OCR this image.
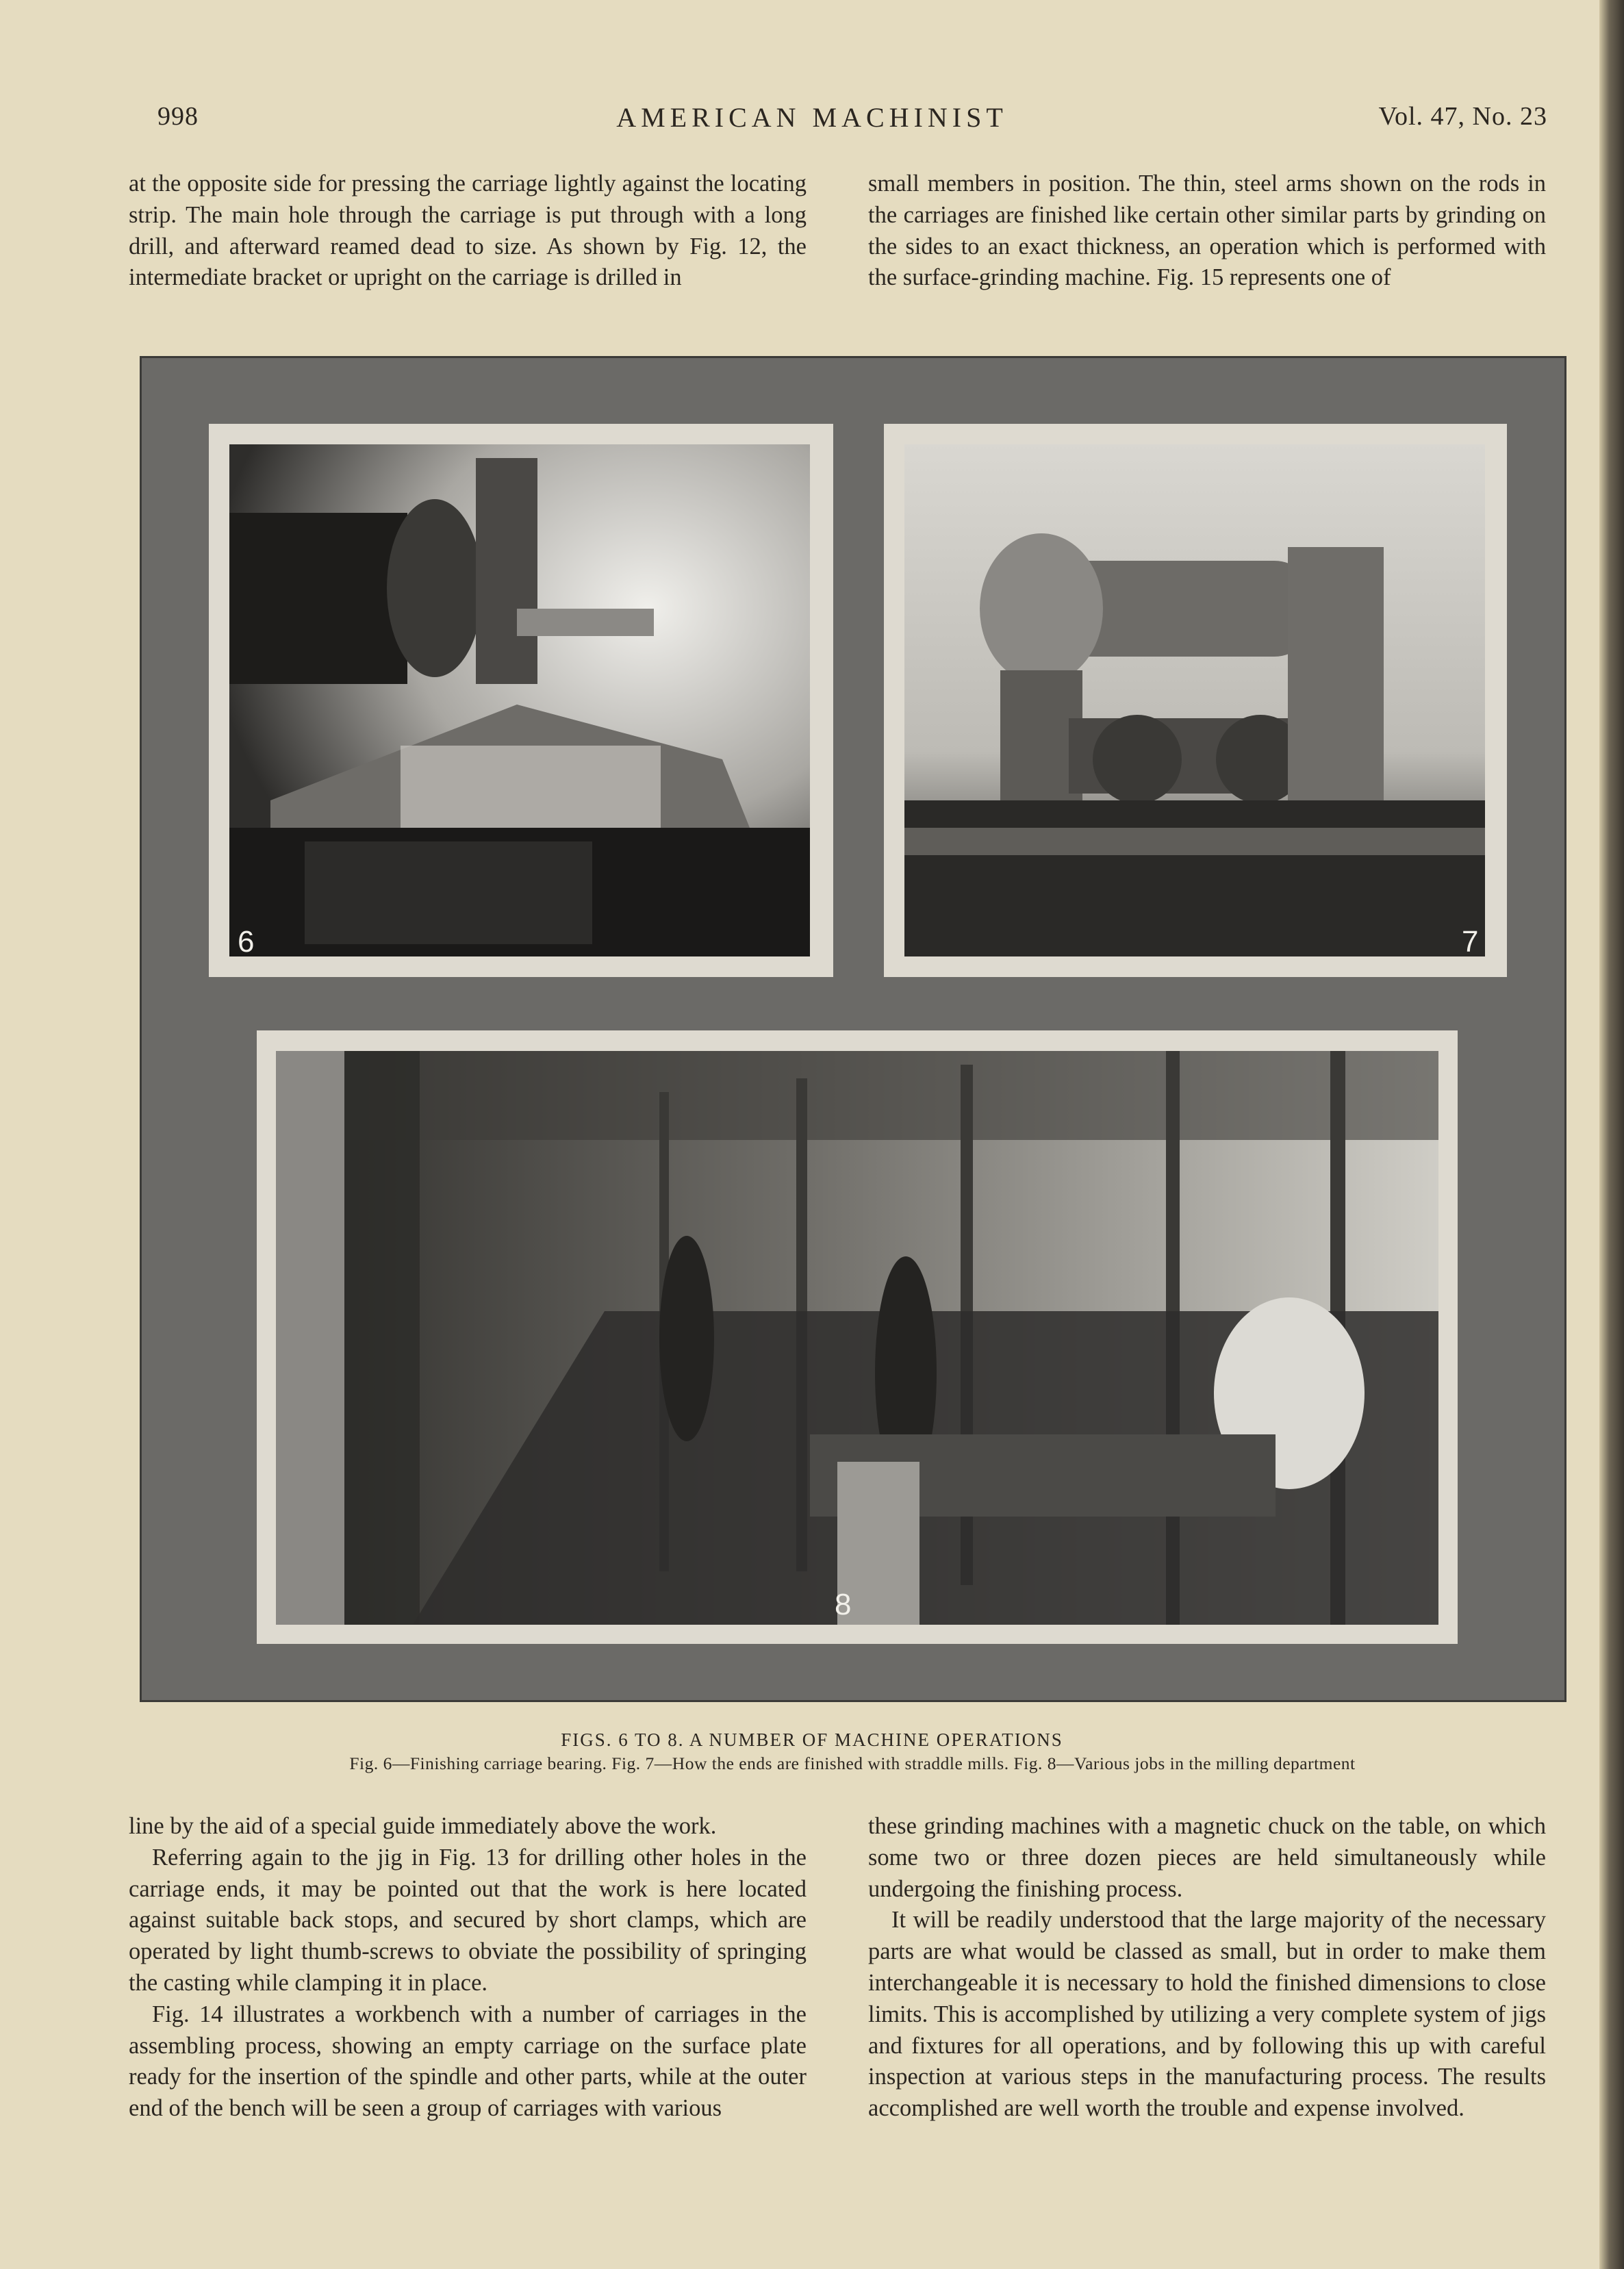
998	AMERICAN MACHINIST	Vol. 47, No. 23

at the opposite side for pressing the carriage lightly against the locating strip. The main hole through the carriage is put through with a long drill, and afterward reamed dead to size. As shown by Fig. 12, the intermediate bracket or upright on the carriage is drilled in

small members in position. The thin, steel arms shown on the rods in the carriages are finished like certain other similar parts by grinding on the sides to an exact thickness, an operation which is performed with the surface-grinding machine. Fig. 15 represents one of

6	7
8
FIGS. 6 TO 8. A NUMBER OF MACHINE OPERATIONS
Fig. 6—Finishing carriage bearing. Fig. 7—How the ends are finished with straddle mills. Fig. 8—Various jobs in the milling department

line by the aid of a special guide immediately above the work.

Referring again to the jig in Fig. 13 for drilling other holes in the carriage ends, it may be pointed out that the work is here located against suitable back stops, and secured by short clamps, which are operated by light thumb-screws to obviate the possibility of springing the casting while clamping it in place.

Fig. 14 illustrates a workbench with a number of carriages in the assembling process, showing an empty carriage on the surface plate ready for the insertion of the spindle and other parts, while at the outer end of the bench will be seen a group of carriages with various

these grinding machines with a magnetic chuck on the table, on which some two or three dozen pieces are held simultaneously while undergoing the finishing process.

It will be readily understood that the large majority of the necessary parts are what would be classed as small, but in order to make them interchangeable it is necessary to hold the finished dimensions to close limits. This is accomplished by utilizing a very complete system of jigs and fixtures for all operations, and by following this up with careful inspection at various steps in the manufacturing process. The results accomplished are well worth the trouble and expense involved.
